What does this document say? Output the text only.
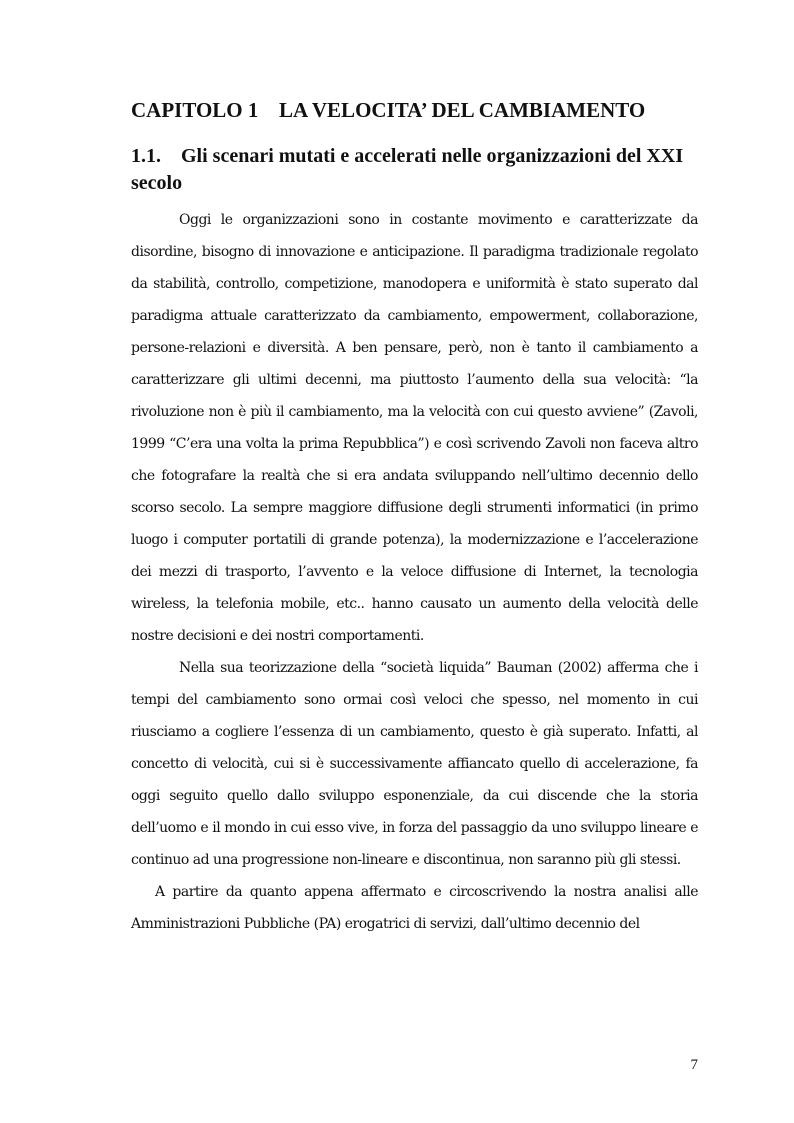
CAPITOLO 1 LA VELOCITA’ DEL CAMBIAMENTO
1.1. Gli scenari mutati e accelerati nelle organizzazioni del XXI secolo

Oggi le organizzazioni sono in costante movimento e caratterizzate da disordine, bisogno di innovazione e anticipazione. Il paradigma tradizionale regolato da stabilità, controllo, competizione, manodopera e uniformità è stato superato dal paradigma attuale caratterizzato da cambiamento, empowerment, collaborazione, persone-relazioni e diversità. A ben pensare, però, non è tanto il cambiamento a caratterizzare gli ultimi decenni, ma piuttosto l’aumento della sua velocità: “la rivoluzione non è più il cambiamento, ma la velocità con cui questo avviene” (Zavoli, 1999 “C’era una volta la prima Repubblica”) e così scrivendo Zavoli non faceva altro che fotografare la realtà che si era andata sviluppando nell’ultimo decennio dello scorso secolo. La sempre maggiore diffusione degli strumenti informatici (in primo luogo i computer portatili di grande potenza), la modernizzazione e l’accelerazione dei mezzi di trasporto, l’avvento e la veloce diffusione di Internet, la tecnologia wireless, la telefonia mobile, etc.. hanno causato un aumento della velocità delle nostre decisioni e dei nostri comportamenti.

Nella sua teorizzazione della “società liquida” Bauman (2002) afferma che i tempi del cambiamento sono ormai così veloci che spesso, nel momento in cui riusciamo a cogliere l’essenza di un cambiamento, questo è già superato. Infatti, al concetto di velocità, cui si è successivamente affiancato quello di accelerazione, fa oggi seguito quello dallo sviluppo esponenziale, da cui discende che la storia dell’uomo e il mondo in cui esso vive, in forza del passaggio da uno sviluppo lineare e continuo ad una progressione non-lineare e discontinua, non saranno più gli stessi.

A partire da quanto appena affermato e circoscrivendo la nostra analisi alle Amministrazioni Pubbliche (PA) erogatrici di servizi, dall’ultimo decennio del

7
